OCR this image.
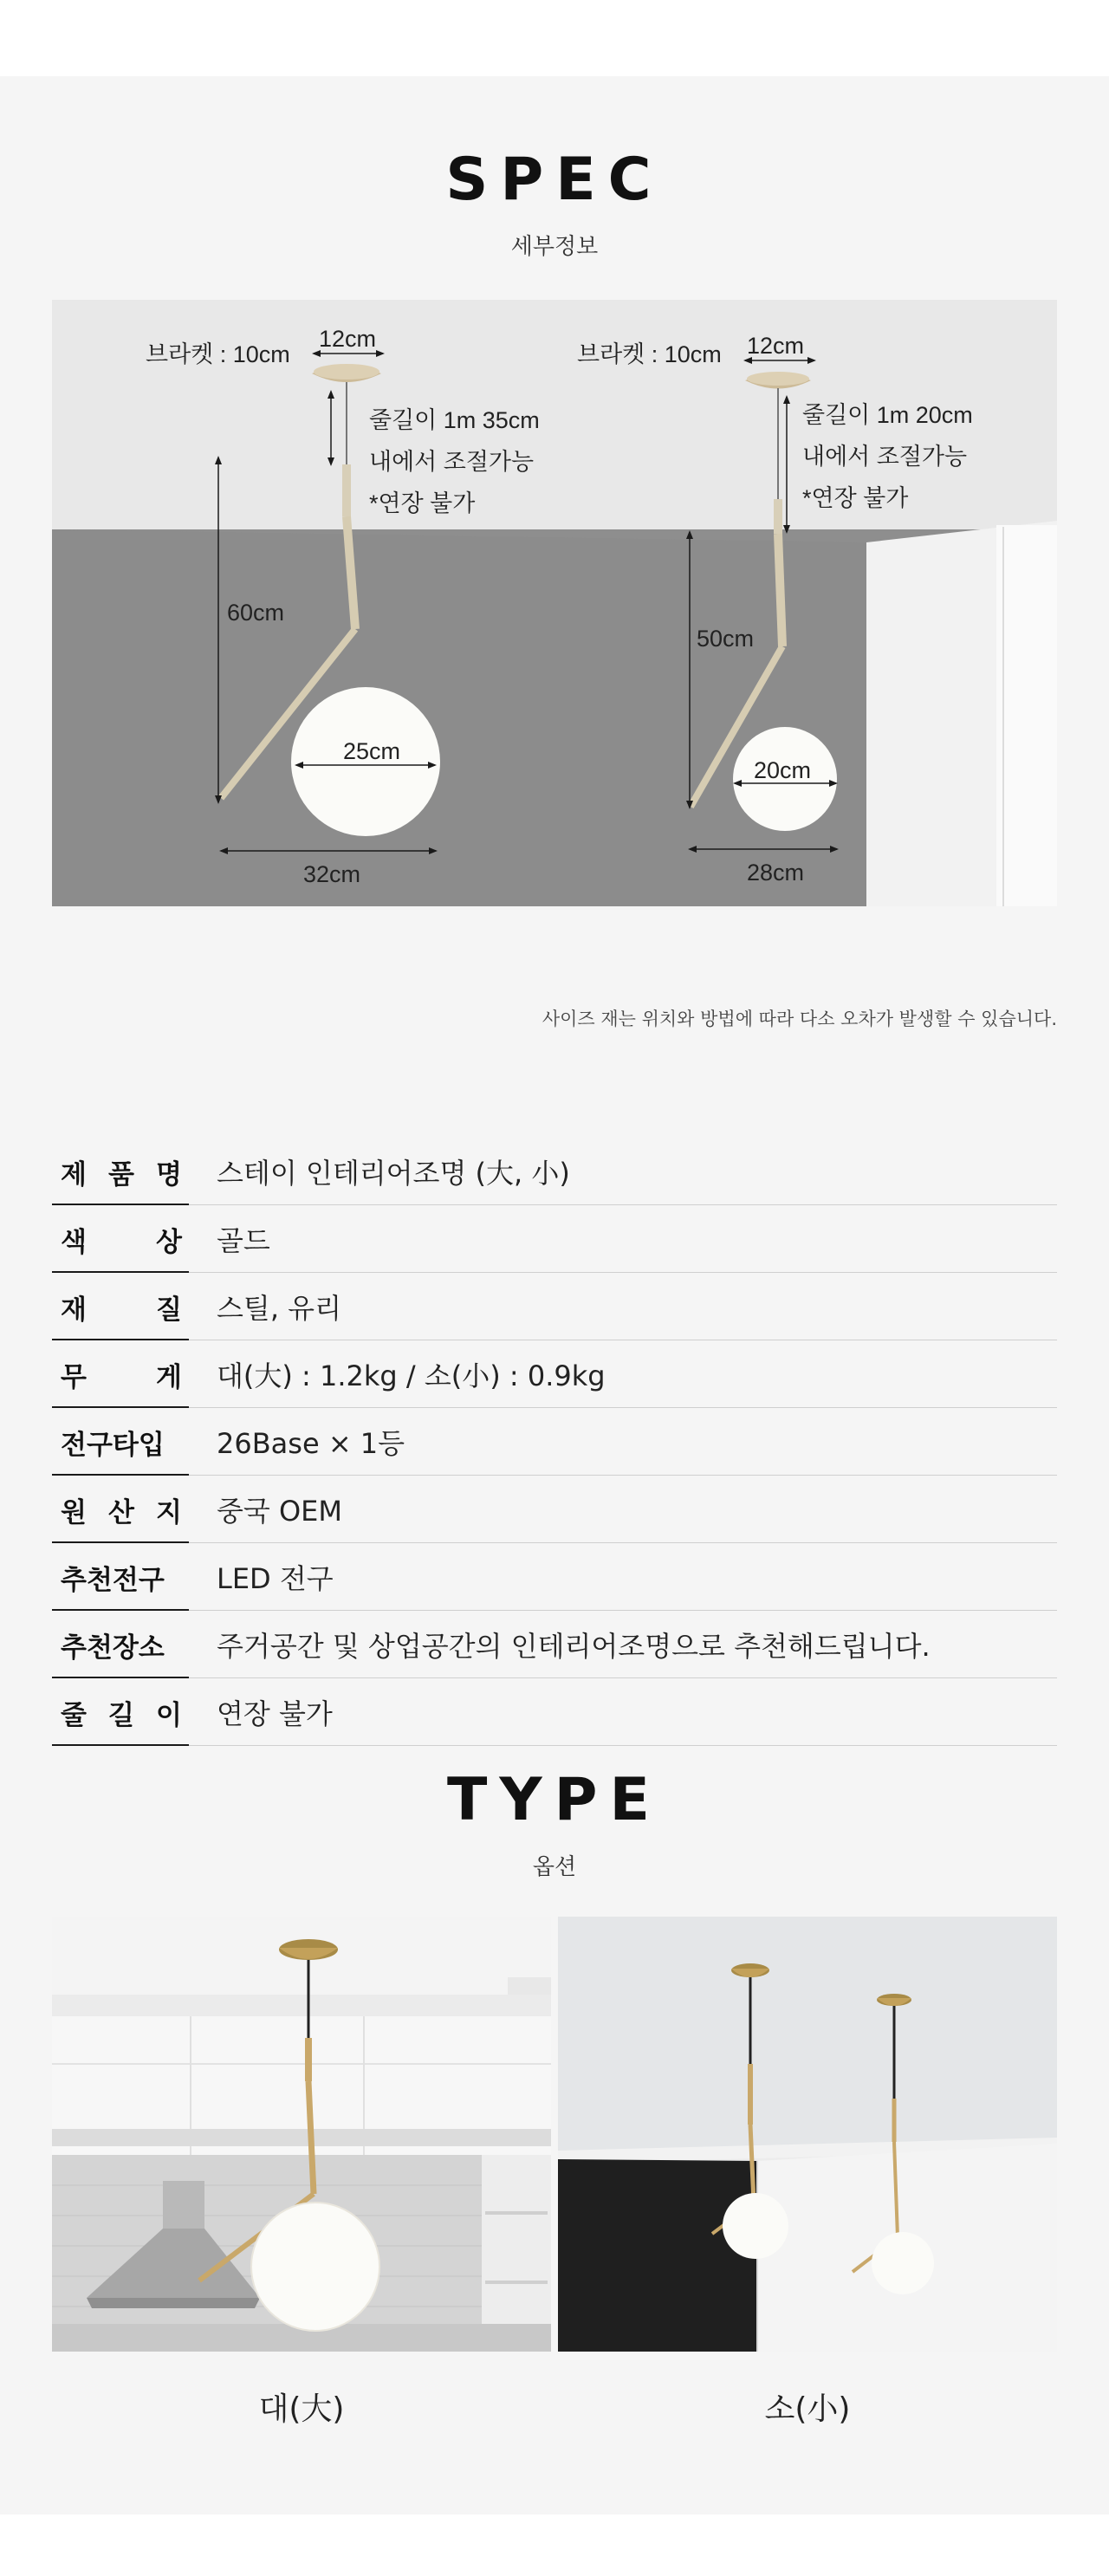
SPEC
세부정보
브라켓 : 10cm
12cm
줄길이 1m 35cm
내에서 조절가능
*연장 불가
60cm
25cm
32cm
브라켓 : 10cm 12cm
줄길이 1m 20cm
내에서 조절가능
*연장 불가
50cm
20cm
28cm
사이즈 재는 위치와 방법에 따라 다소 오차가 발생할 수 있습니다.
제 품 명 스테이 인테리어조명 (大, 小)
색	상 골드
재	질 스틸, 유리
무	게 대(大) : 1.2kg / 소(小) : 0.9kg
전구타입 26Base × 1등
원 산 지 중국 OEM
추천전구 LED 전구
추천장소 주거공간 및 상업공간의 인테리어조명으로 추천해드립니다.
줄 길 이 연장 불가
TYPE
옵션
대(大)	소(小)
